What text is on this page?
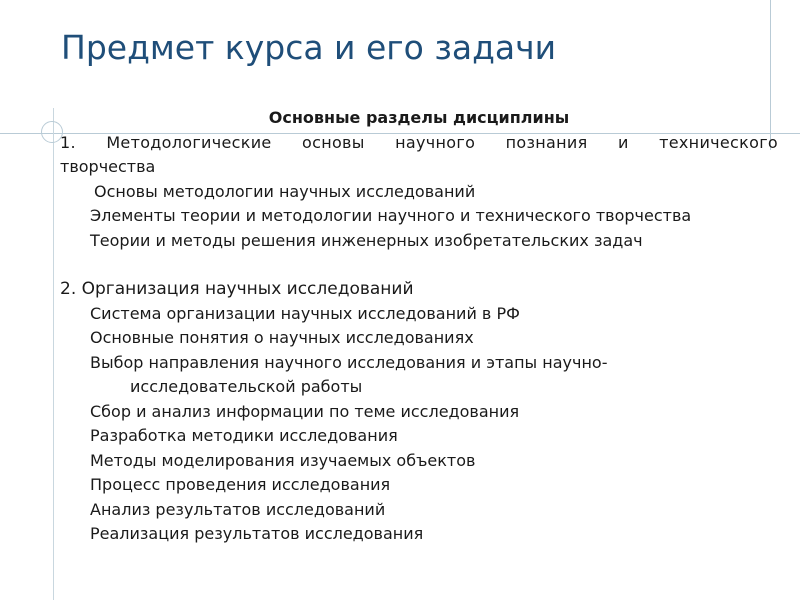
Предмет курса и его задачи
Основные разделы дисциплины
1. Методологические основы научного познания и технического
творчества
Основы методологии научных исследований
Элементы теории и методологии научного и технического творчества
Теории и методы решения инженерных изобретательских задач
2. Организация научных исследований
Система организации научных исследований в РФ
Основные понятия о научных исследованиях
Выбор направления научного исследования и этапы научно-
исследовательской работы
Сбор и анализ информации по теме исследования
Разработка методики исследования
Методы моделирования изучаемых объектов
Процесс проведения исследования
Анализ результатов исследований
Реализация результатов исследования
